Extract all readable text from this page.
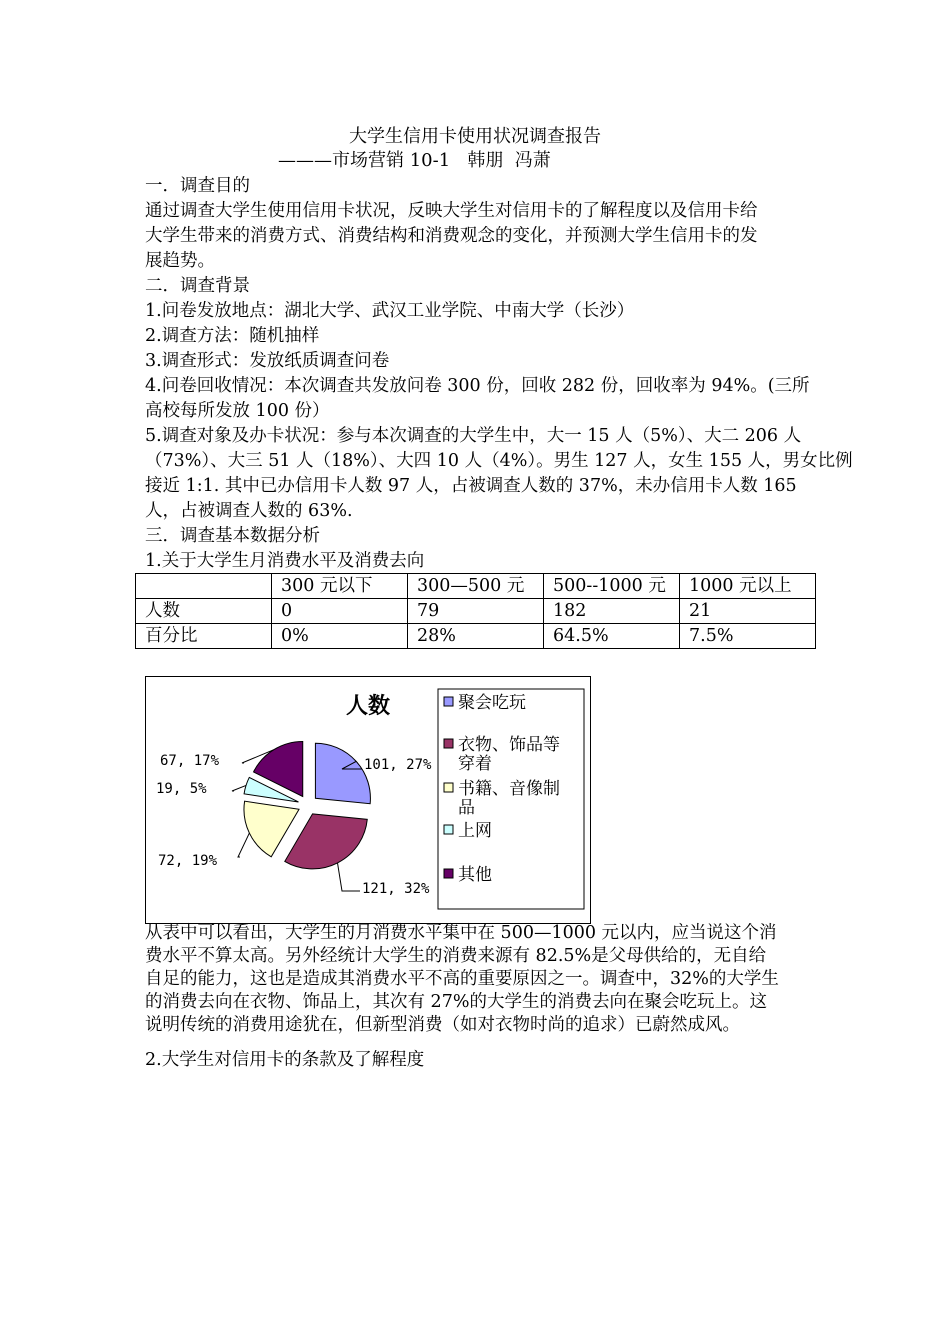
大学生信用卡使用状况调查报告
———市场营销 10-1   韩朋  冯萧
一．调查目的
通过调查大学生使用信用卡状况，反映大学生对信用卡的了解程度以及信用卡给
大学生带来的消费方式、消费结构和消费观念的变化，并预测大学生信用卡的发
展趋势。
二．调查背景
1.问卷发放地点：湖北大学、武汉工业学院、中南大学（长沙）
2.调查方法：随机抽样
3.调查形式：发放纸质调查问卷
4.问卷回收情况：本次调查共发放问卷 300 份，回收 282 份，回收率为 94%。(三所
高校每所发放 100 份）
5.调查对象及办卡状况：参与本次调查的大学生中，大一 15 人（5%）、大二 206 人
（73%）、大三 51 人（18%）、大四 10 人（4%）。男生 127 人，女生 155 人，男女比例
接近 1:1. 其中已办信用卡人数 97 人，占被调查人数的 37%，未办信用卡人数 165
人，占被调查人数的 63%.
三．调查基本数据分析
1.关于大学生月消费水平及消费去向
	300 元以下	300—500 元	500--1000 元	1000 元以上
人数	0	79	182	21
百分比	0%	28%	64.5%	7.5%
人数
101, 27%
121, 32%
72, 19%
19, 5%
67, 17%
聚会吃玩
衣物、饰品等
穿着
书籍、音像制
品
上网
其他
从表中可以看出，大学生的月消费水平集中在 500—1000 元以内，应当说这个消
费水平不算太高。另外经统计大学生的消费来源有 82.5%是父母供给的，无自给
自足的能力，这也是造成其消费水平不高的重要原因之一。调查中，32%的大学生
的消费去向在衣物、饰品上，其次有 27%的大学生的消费去向在聚会吃玩上。这
说明传统的消费用途犹在，但新型消费（如对衣物时尚的追求）已蔚然成风。
2.大学生对信用卡的条款及了解程度
